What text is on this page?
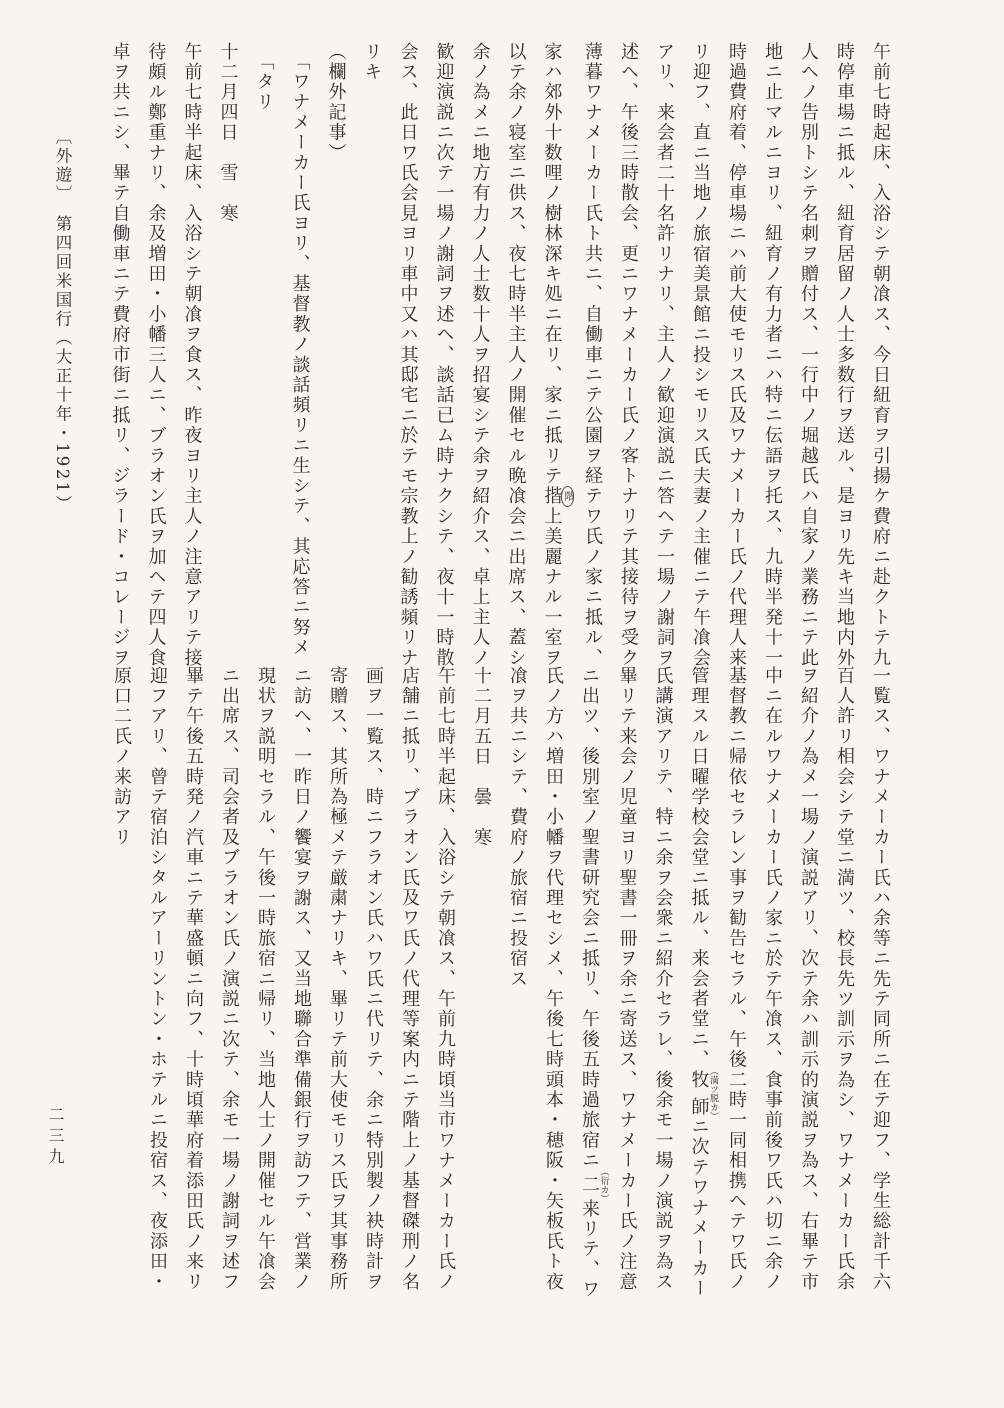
午前七時起床、入浴シテ朝飡ス、今日紐育ヲ引揚ケ費府ニ赴クトテ九

時停車場ニ抵ル、紐育居留ノ人士多数行ヲ送ル、是ヨリ先キ当地内外

人ヘノ告別トシテ名刺ヲ贈付ス、一行中ノ堀越氏ハ自家ノ業務ニテ此

地ニ止マルニヨリ、紐育ノ有力者ニハ特ニ伝語ヲ托ス、九時半発十一

時過費府着、停車場ニハ前大使モリス氏及ワナメーカー氏ノ代理人来

リ迎フ、直ニ当地ノ旅宿美景館ニ投シモリス氏夫妻ノ主催ニテ午飡会

アリ、来会者二十名許リナリ、主人ノ歓迎演説ニ答ヘテ一場ノ謝詞ヲ

述ヘ、午後三時散会、更ニワナメーカー氏ノ客トナリテ其接待ヲ受ク

薄暮ワナメーカー氏ト共ニ、自働車ニテ公園ヲ経テワ氏ノ家ニ抵ル、

家ハ郊外十数哩ノ樹林深キ処ニ在リ、家ニ抵リテ揩 階上美麗ナル一室ヲ

以テ余ノ寝室ニ供ス、夜七時半主人ノ開催セル晩飡会ニ出席ス、蓋シ

余ノ為メニ地方有力ノ人士数十人ヲ招宴シテ余ヲ紹介ス、卓上主人ノ

歓迎演説ニ次テ一場ノ謝詞ヲ述ヘ、談話已ム時ナクシテ、夜十一時散

会ス、此日ワ氏会見ヨリ車中又ハ其邸宅ニ於テモ宗教上ノ勧誘頻リナ

リキ

（欄外記事）

「ワナメーカー氏ヨリ、基督教ノ談話頻リニ生シテ、其応答ニ努メ

「タリ

十二月四日　雪　寒

午前七時半起床、入浴シテ朝飡ヲ食ス、昨夜ヨリ主人ノ注意アリテ接

待頗ル鄭重ナリ、余及増田・小幡三人ニ、ブラオン氏ヲ加ヘテ四人食

卓ヲ共ニシ、畢テ自働車ニテ費府市街ニ抵リ、ジラード・コレージヲ

一覧ス、ワナメーカー氏ハ余等ニ先テ同所ニ在テ迎フ、学生総計千六

百人許リ相会シテ堂ニ満ツ、校長先ツ訓示ヲ為シ、ワナメーカー氏余

ヲ紹介ノ為メ一場ノ演説アリ、次テ余ハ訓示的演説ヲ為ス、右畢テ市

中ニ在ルワナメーカー氏ノ家ニ於テ午飡ス、食事前後ワ氏ハ切ニ余ノ

基督教ニ帰依セラレン事ヲ勧告セラル、午後二時一同相携ヘテワ氏ノ

管理スル日曜学校会堂ニ抵ル、来会者堂ニ、牧師（満ツ脱カ）ニ次テワナメーカー

氏講演アリテ、特ニ余ヲ会衆ニ紹介セラレ、後余モ一場ノ演説ヲ為ス

畢リテ来会ノ児童ヨリ聖書一冊ヲ余ニ寄送ス、ワナメーカー氏ノ注意

ニ出ツ、後別室ノ聖書研究会ニ抵リ、午後五時過旅宿ニ二（衍カ）来リテ、ワ

氏ノ方ハ増田・小幡ヲ代理セシメ、午後七時頭本・穂阪・矢板氏ト夜

飡ヲ共ニシテ、費府ノ旅宿ニ投宿ス

十二月五日　曇　寒

午前七時半起床、入浴シテ朝飡ス、午前九時頃当市ワナメーカー氏ノ

店舗ニ抵リ、ブラオン氏及ワ氏ノ代理等案内ニテ階上ノ基督磔刑ノ名

画ヲ一覧ス、時ニフラオン氏ハワ氏ニ代リテ、余ニ特別製ノ袂時計ヲ

寄贈ス、其所為極メテ厳粛ナリキ、畢リテ前大使モリス氏ヲ其事務所

ニ訪ヘ、一昨日ノ饗宴ヲ謝ス、又当地聯合準備銀行ヲ訪フテ、営業ノ

現状ヲ説明セラル、午後一時旅宿ニ帰リ、当地人士ノ開催セル午飡会

ニ出席ス、司会者及ブラオン氏ノ演説ニ次テ、余モ一場ノ謝詞ヲ述フ

畢テ午後五時発ノ汽車ニテ華盛頓ニ向フ、十時頃華府着添田氏ノ来リ

迎フアリ、曾テ宿泊シタルアーリントン・ホテルニ投宿ス、夜添田・

原口二氏ノ来訪アリ

〔外遊〕　第四回米国行（大正十年・1921）
二三九
